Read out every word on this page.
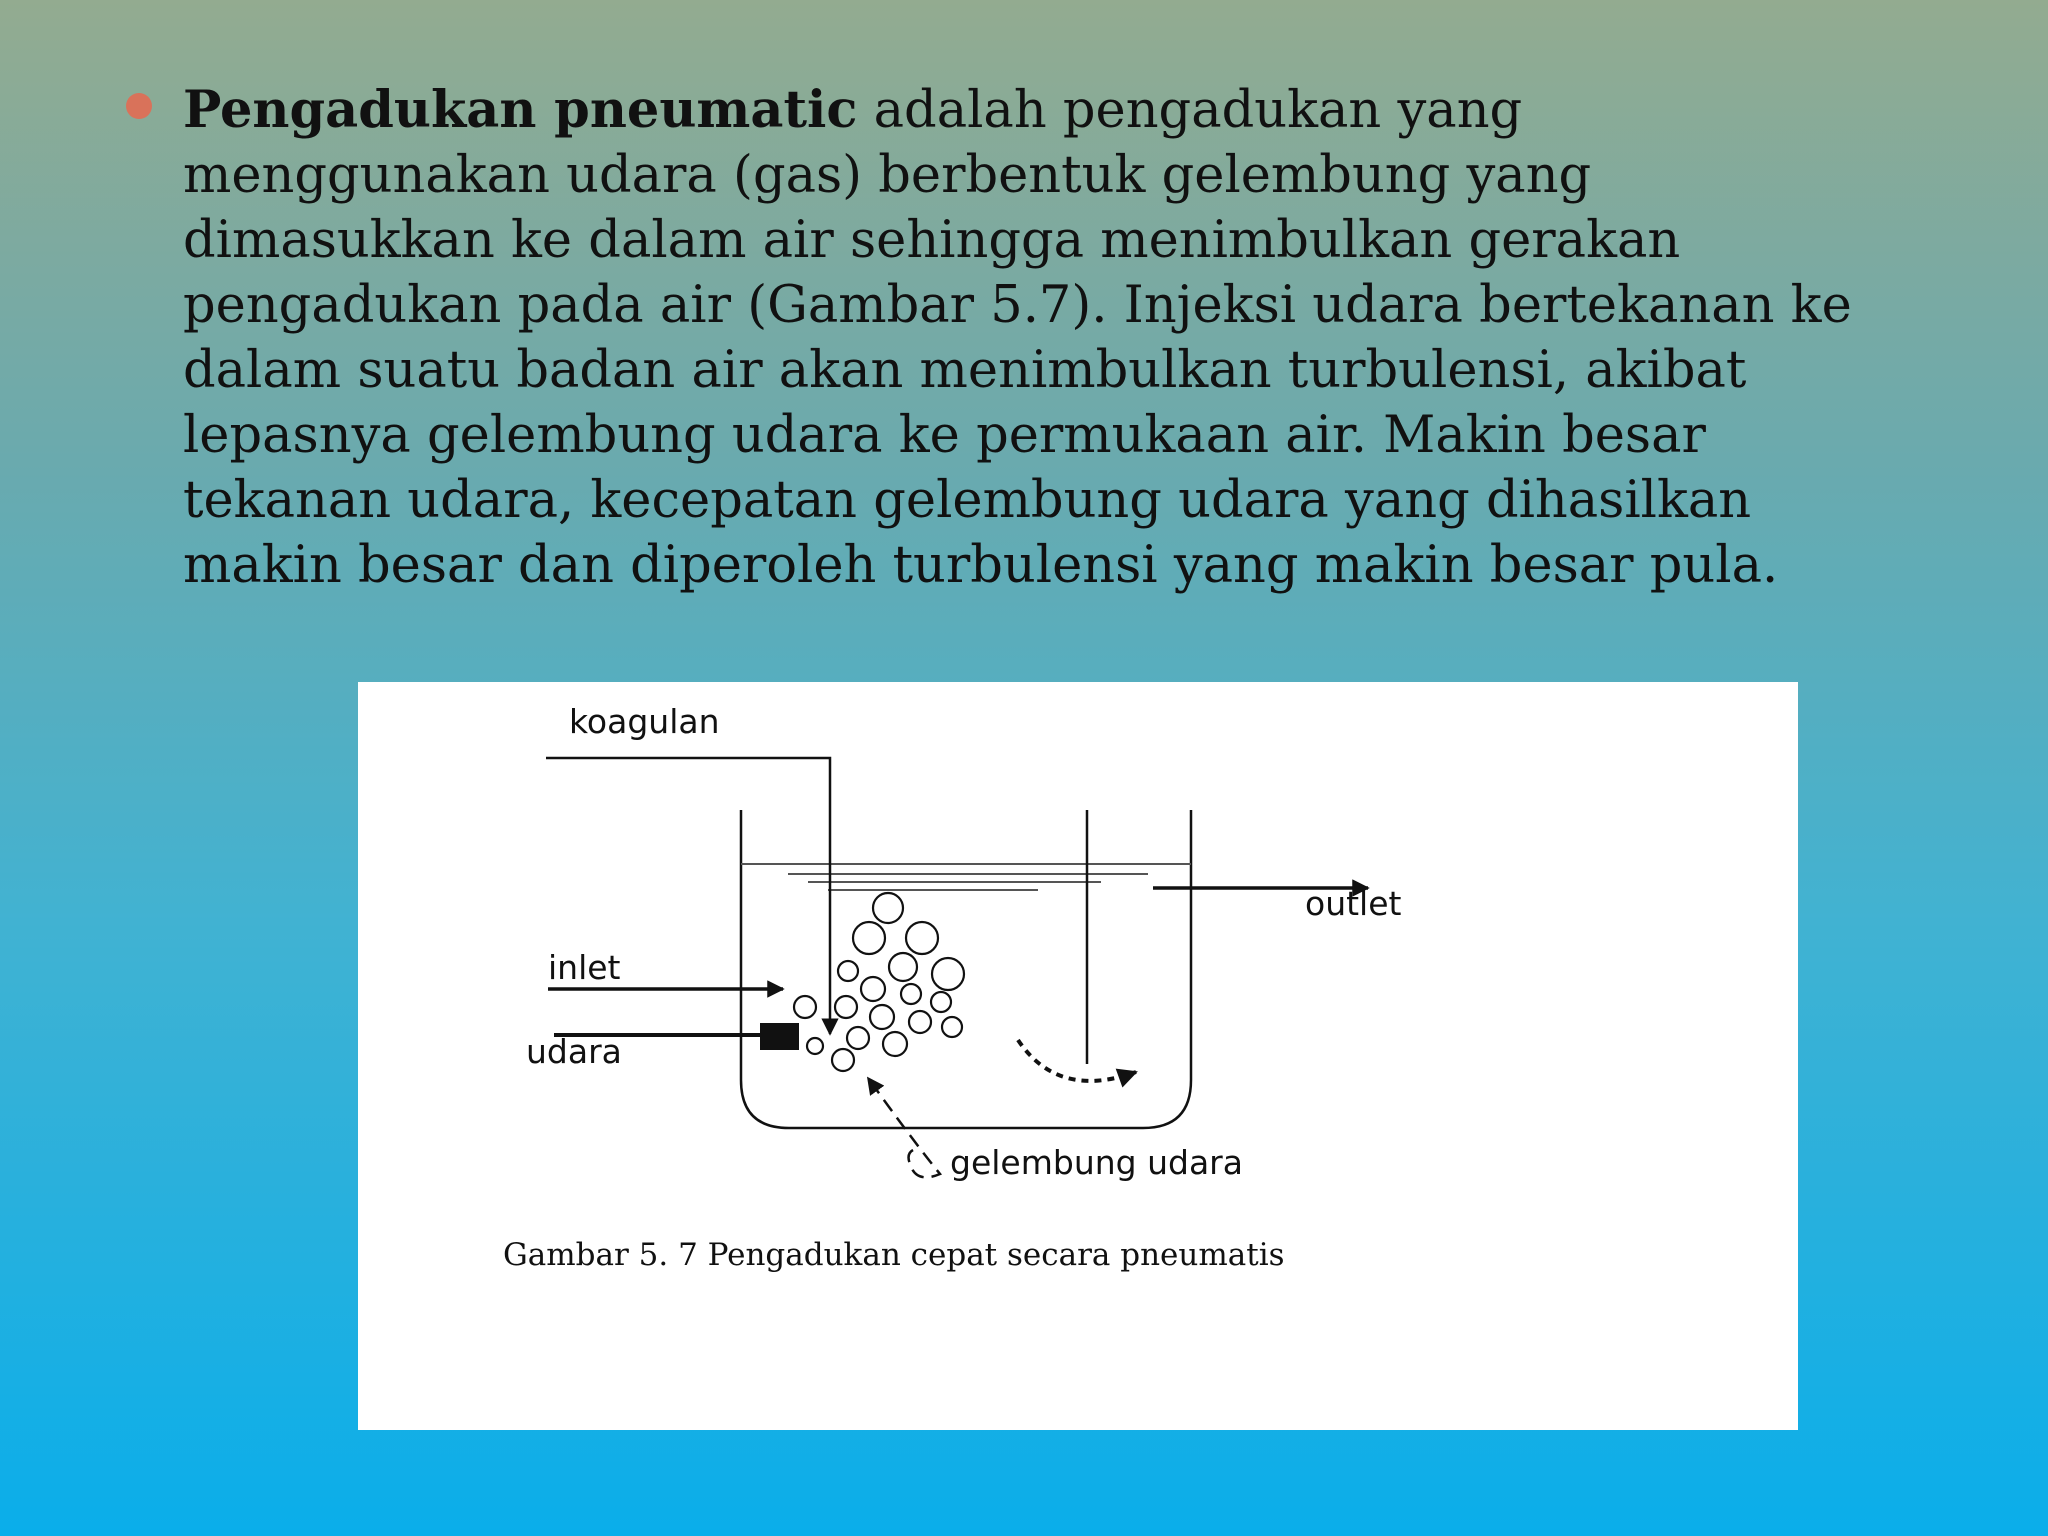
Pengadukan pneumatic adalah pengadukan yang menggunakan udara (gas) berbentuk gelembung yang dimasukkan ke dalam air sehingga menimbulkan gerakan pengadukan pada air (Gambar 5.7). Injeksi udara bertekanan ke dalam suatu badan air akan menimbulkan turbulensi, akibat lepasnya gelembung udara ke permukaan air. Makin besar tekanan udara, kecepatan gelembung udara yang dihasilkan makin besar dan diperoleh turbulensi yang makin besar pula.
koagulan
outlet
inlet
udara
gelembung udara
Gambar 5. 7 Pengadukan cepat secara pneumatis
